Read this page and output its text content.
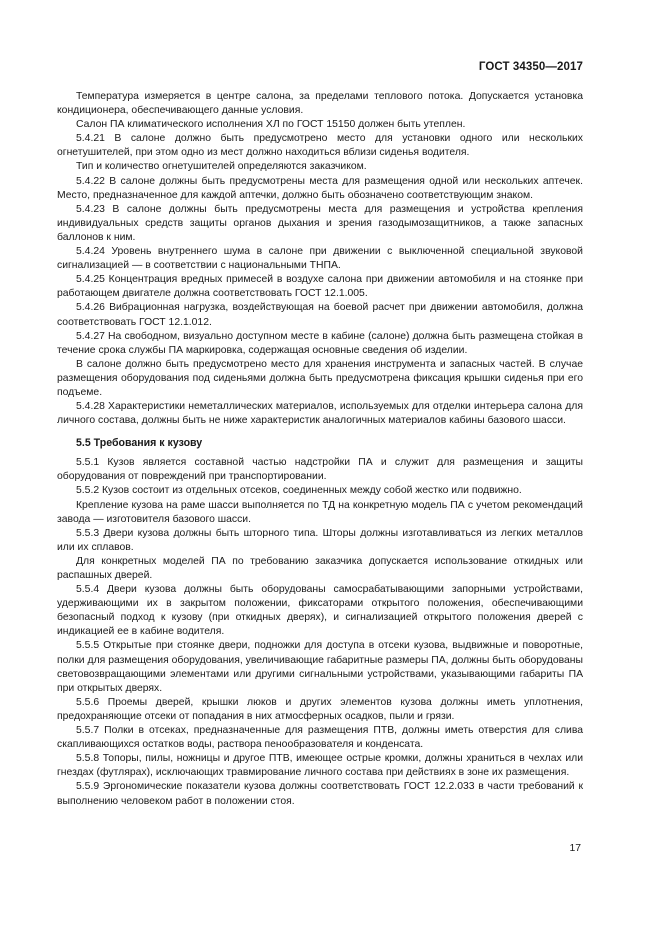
ГОСТ 34350—2017

Температура измеряется в центре салона, за пределами теплового потока. Допускается установка кондиционера, обеспечивающего данные условия.

Салон ПА климатического исполнения ХЛ по ГОСТ 15150 должен быть утеплен.

5.4.21 В салоне должно быть предусмотрено место для установки одного или нескольких огнетушителей, при этом одно из мест должно находиться вблизи сиденья водителя.

Тип и количество огнетушителей определяются заказчиком.

5.4.22 В салоне должны быть предусмотрены места для размещения одной или нескольких аптечек. Место, предназначенное для каждой аптечки, должно быть обозначено соответствующим знаком.

5.4.23 В салоне должны быть предусмотрены места для размещения и устройства крепления индивидуальных средств защиты органов дыхания и зрения газодымозащитников, а также запасных баллонов к ним.

5.4.24 Уровень внутреннего шума в салоне при движении с выключенной специальной звуковой сигнализацией — в соответствии с национальными ТНПА.

5.4.25 Концентрация вредных примесей в воздухе салона при движении автомобиля и на стоянке при работающем двигателе должна соответствовать ГОСТ 12.1.005.

5.4.26 Вибрационная нагрузка, воздействующая на боевой расчет при движении автомобиля, должна соответствовать ГОСТ 12.1.012.

5.4.27 На свободном, визуально доступном месте в кабине (салоне) должна быть размещена стойкая в течение срока службы ПА маркировка, содержащая основные сведения об изделии.

В салоне должно быть предусмотрено место для хранения инструмента и запасных частей. В случае размещения оборудования под сиденьями должна быть предусмотрена фиксация крышки сиденья при его подъеме.

5.4.28 Характеристики неметаллических материалов, используемых для отделки интерьера салона для личного состава, должны быть не ниже характеристик аналогичных материалов кабины базового шасси.

5.5 Требования к кузову

5.5.1 Кузов является составной частью надстройки ПА и служит для размещения и защиты оборудования от повреждений при транспортировании.

5.5.2 Кузов состоит из отдельных отсеков, соединенных между собой жестко или подвижно.

Крепление кузова на раме шасси выполняется по ТД на конкретную модель ПА с учетом рекомендаций завода — изготовителя базового шасси.

5.5.3 Двери кузова должны быть шторного типа. Шторы должны изготавливаться из легких металлов или их сплавов.

Для конкретных моделей ПА по требованию заказчика допускается использование откидных или распашных дверей.

5.5.4 Двери кузова должны быть оборудованы самосрабатывающими запорными устройствами, удерживающими их в закрытом положении, фиксаторами открытого положения, обеспечивающими безопасный подход к кузову (при откидных дверях), и сигнализацией открытого положения дверей с индикацией ее в кабине водителя.

5.5.5 Открытые при стоянке двери, подножки для доступа в отсеки кузова, выдвижные и поворотные, полки для размещения оборудования, увеличивающие габаритные размеры ПА, должны быть оборудованы световозвращающими элементами или другими сигнальными устройствами, указывающими габариты ПА при открытых дверях.

5.5.6 Проемы дверей, крышки люков и других элементов кузова должны иметь уплотнения, предохраняющие отсеки от попадания в них атмосферных осадков, пыли и грязи.

5.5.7 Полки в отсеках, предназначенные для размещения ПТВ, должны иметь отверстия для слива скапливающихся остатков воды, раствора пенообразователя и конденсата.

5.5.8 Топоры, пилы, ножницы и другое ПТВ, имеющее острые кромки, должны храниться в чехлах или гнездах (футлярах), исключающих травмирование личного состава при действиях в зоне их размещения.

5.5.9 Эргономические показатели кузова должны соответствовать ГОСТ 12.2.033 в части требований к выполнению человеком работ в положении стоя.

17
